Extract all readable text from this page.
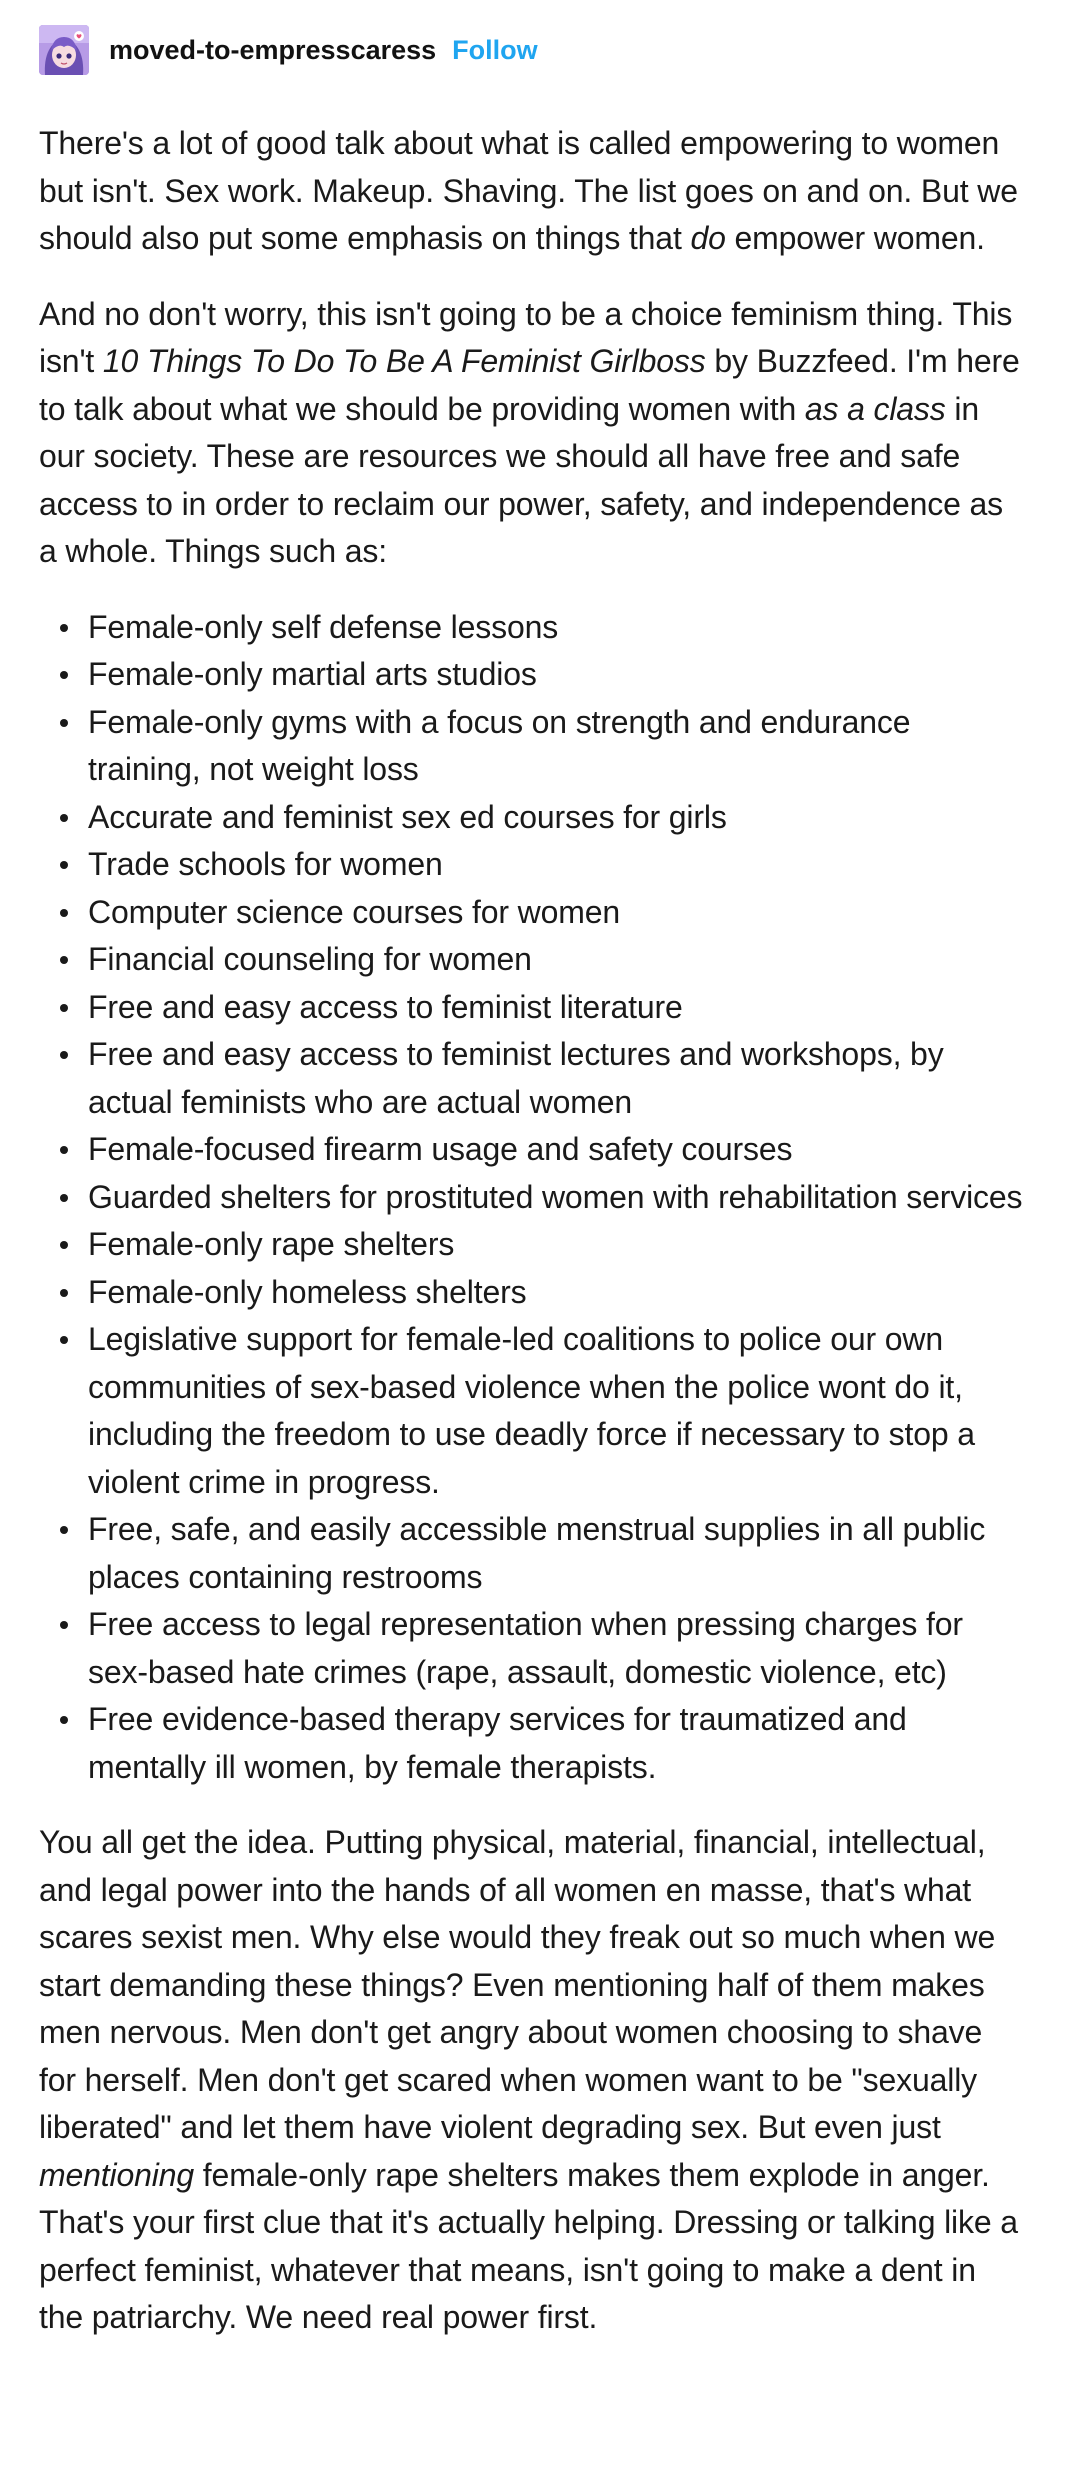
moved-to-empresscaress Follow

There's a lot of good talk about what is called empowering to women but isn't. Sex work. Makeup. Shaving. The list goes on and on. But we should also put some emphasis on things that do empower women.

And no don't worry, this isn't going to be a choice feminism thing. This isn't 10 Things To Do To Be A Feminist Girlboss by Buzzfeed. I'm here to talk about what we should be providing women with as a class in our society. These are resources we should all have free and safe access to in order to reclaim our power, safety, and independence as a whole. Things such as:

Female-only self defense lessons
Female-only martial arts studios
Female-only gyms with a focus on strength and endurance training, not weight loss
Accurate and feminist sex ed courses for girls
Trade schools for women
Computer science courses for women
Financial counseling for women
Free and easy access to feminist literature
Free and easy access to feminist lectures and workshops, by actual feminists who are actual women
Female-focused firearm usage and safety courses
Guarded shelters for prostituted women with rehabilitation services
Female-only rape shelters
Female-only homeless shelters
Legislative support for female-led coalitions to police our own communities of sex-based violence when the police wont do it, including the freedom to use deadly force if necessary to stop a violent crime in progress.
Free, safe, and easily accessible menstrual supplies in all public places containing restrooms
Free access to legal representation when pressing charges for sex-based hate crimes (rape, assault, domestic violence, etc)
Free evidence-based therapy services for traumatized and mentally ill women, by female therapists.

You all get the idea. Putting physical, material, financial, intellectual, and legal power into the hands of all women en masse, that's what scares sexist men. Why else would they freak out so much when we start demanding these things? Even mentioning half of them makes men nervous. Men don't get angry about women choosing to shave for herself. Men don't get scared when women want to be "sexually liberated" and let them have violent degrading sex. But even just mentioning female-only rape shelters makes them explode in anger. That's your first clue that it's actually helping. Dressing or talking like a perfect feminist, whatever that means, isn't going to make a dent in the patriarchy. We need real power first.
